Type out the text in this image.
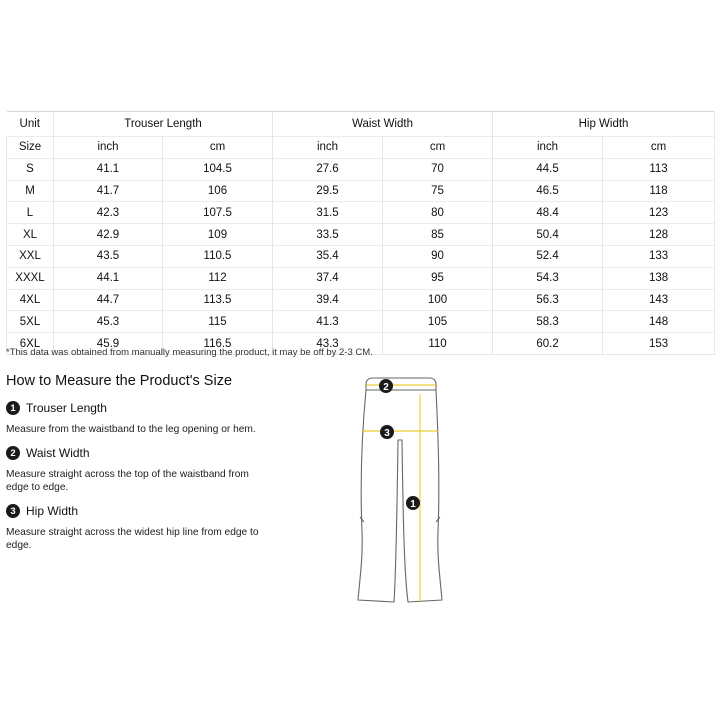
Unit	Trouser Length		Waist Width		Hip Width	
Size	inch	cm	inch	cm	inch	cm
S	41.1	104.5	27.6	70	44.5	113
M	41.7	106	29.5	75	46.5	118
L	42.3	107.5	31.5	80	48.4	123
XL	42.9	109	33.5	85	50.4	128
XXL	43.5	110.5	35.4	90	52.4	133
XXXL	44.1	112	37.4	95	54.3	138
4XL	44.7	113.5	39.4	100	56.3	143
5XL	45.3	115	41.3	105	58.3	148
6XL	45.9	116.5	43.3	110	60.2	153
*This data was obtained from manually measuring the product, it may be off by 2-3 CM.
How to Measure the Product's Size
1 Trouser Length
Measure from the waistband to the leg opening or hem.
2 Waist Width
Measure straight across the top of the waistband from edge to edge.
3 Hip Width
Measure straight across the widest hip line from edge to edge.
2
3
1
